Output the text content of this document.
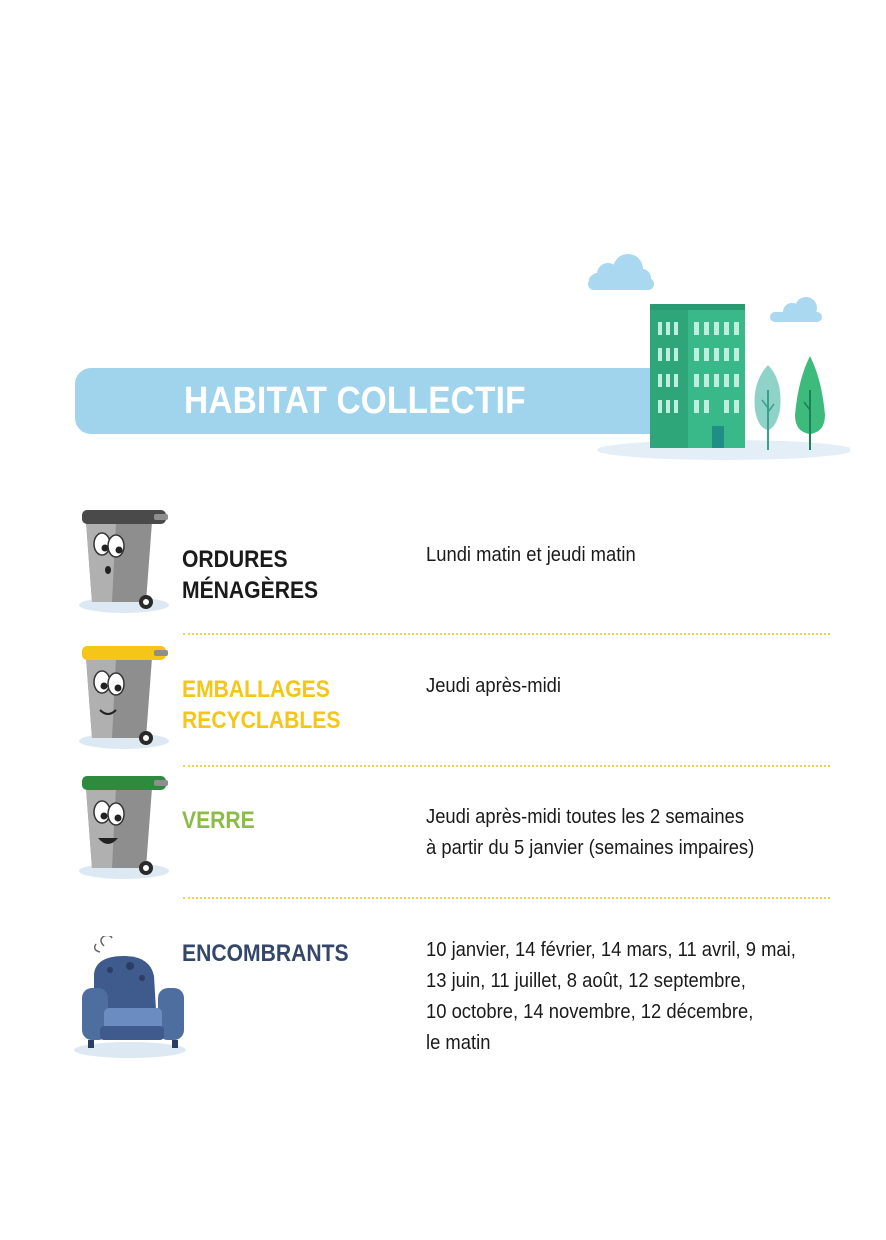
HABITAT COLLECTIF
ORDURES
MÉNAGÈRES
Lundi matin et jeudi matin
EMBALLAGES
RECYCLABLES
Jeudi après-midi
VERRE	Jeudi après-midi toutes les 2 semaines
à partir du 5 janvier (semaines impaires)
ENCOMBRANTS	10 janvier, 14 février, 14 mars, 11 avril, 9 mai,
13 juin, 11 juillet, 8 août, 12 septembre,
10 octobre, 14 novembre, 12 décembre,
le matin
